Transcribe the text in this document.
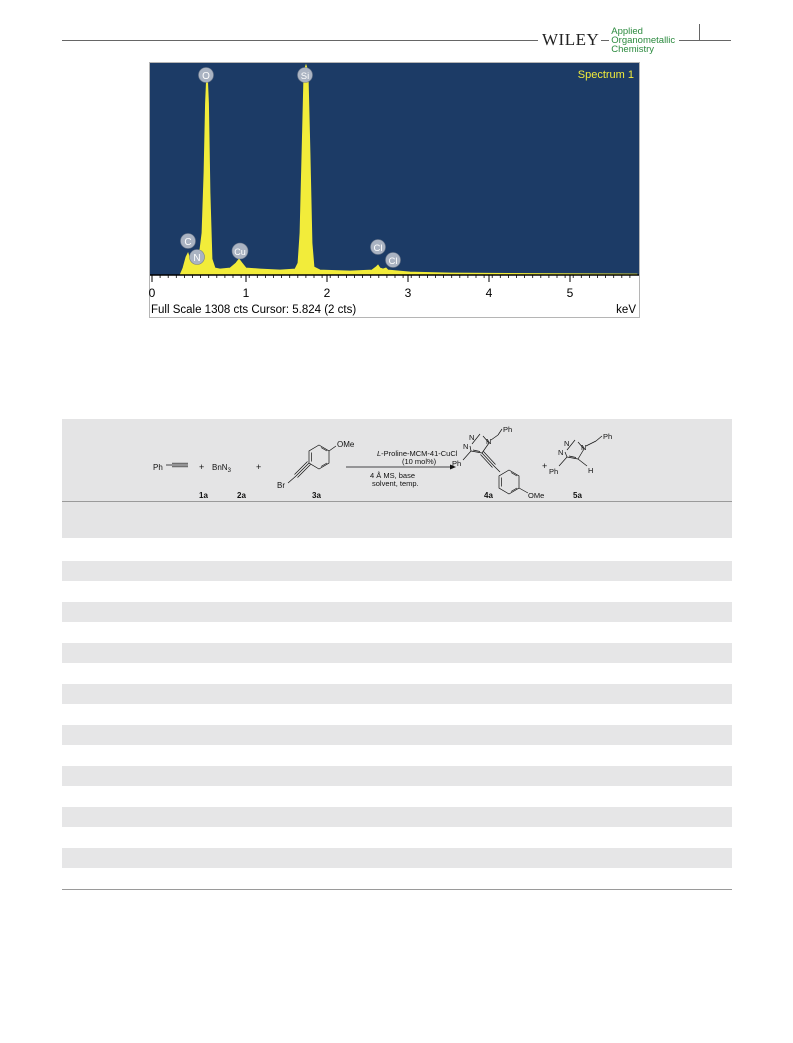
WILEY Applied
Organometallic
Chemistry
Spectrum 1
O	Si
C
N
Cu	Cl
Cl
0	1	2	3	4	5
Full Scale 1308 cts Cursor: 5.824 (2 cts)	keV
Ph	+ BnN$_3$	+
OMe
Br
1a	2a	3a
L-Proline-MCM-41-CuCl
(10 mol%)
4 Å MS, base
solvent, temp.
N
N
N
Ph
Ph
OMe
4a
+
N
N
N
Ph
Ph	H
5a
